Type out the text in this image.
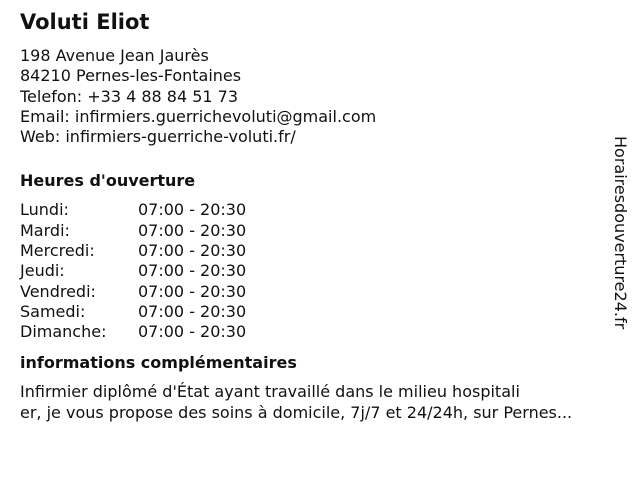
Voluti Eliot
198 Avenue Jean Jaurès
84210 Pernes-les-Fontaines
Telefon: +33 4 88 84 51 73
Email: infirmiers.guerrichevoluti@gmail.com
Web: infirmiers-guerriche-voluti.fr/
Heures d'ouverture
Lundi:	07:00 - 20:30
Mardi:	07:00 - 20:30
Mercredi:	07:00 - 20:30
Jeudi:	07:00 - 20:30
Vendredi:	07:00 - 20:30
Samedi:	07:00 - 20:30
Dimanche:	07:00 - 20:30
informations complémentaires
Infirmier diplômé d'État ayant travaillé dans le milieu hospitali
er, je vous propose des soins à domicile, 7j/7 et 24/24h, sur Pernes...
Horairesdouverture24.fr
